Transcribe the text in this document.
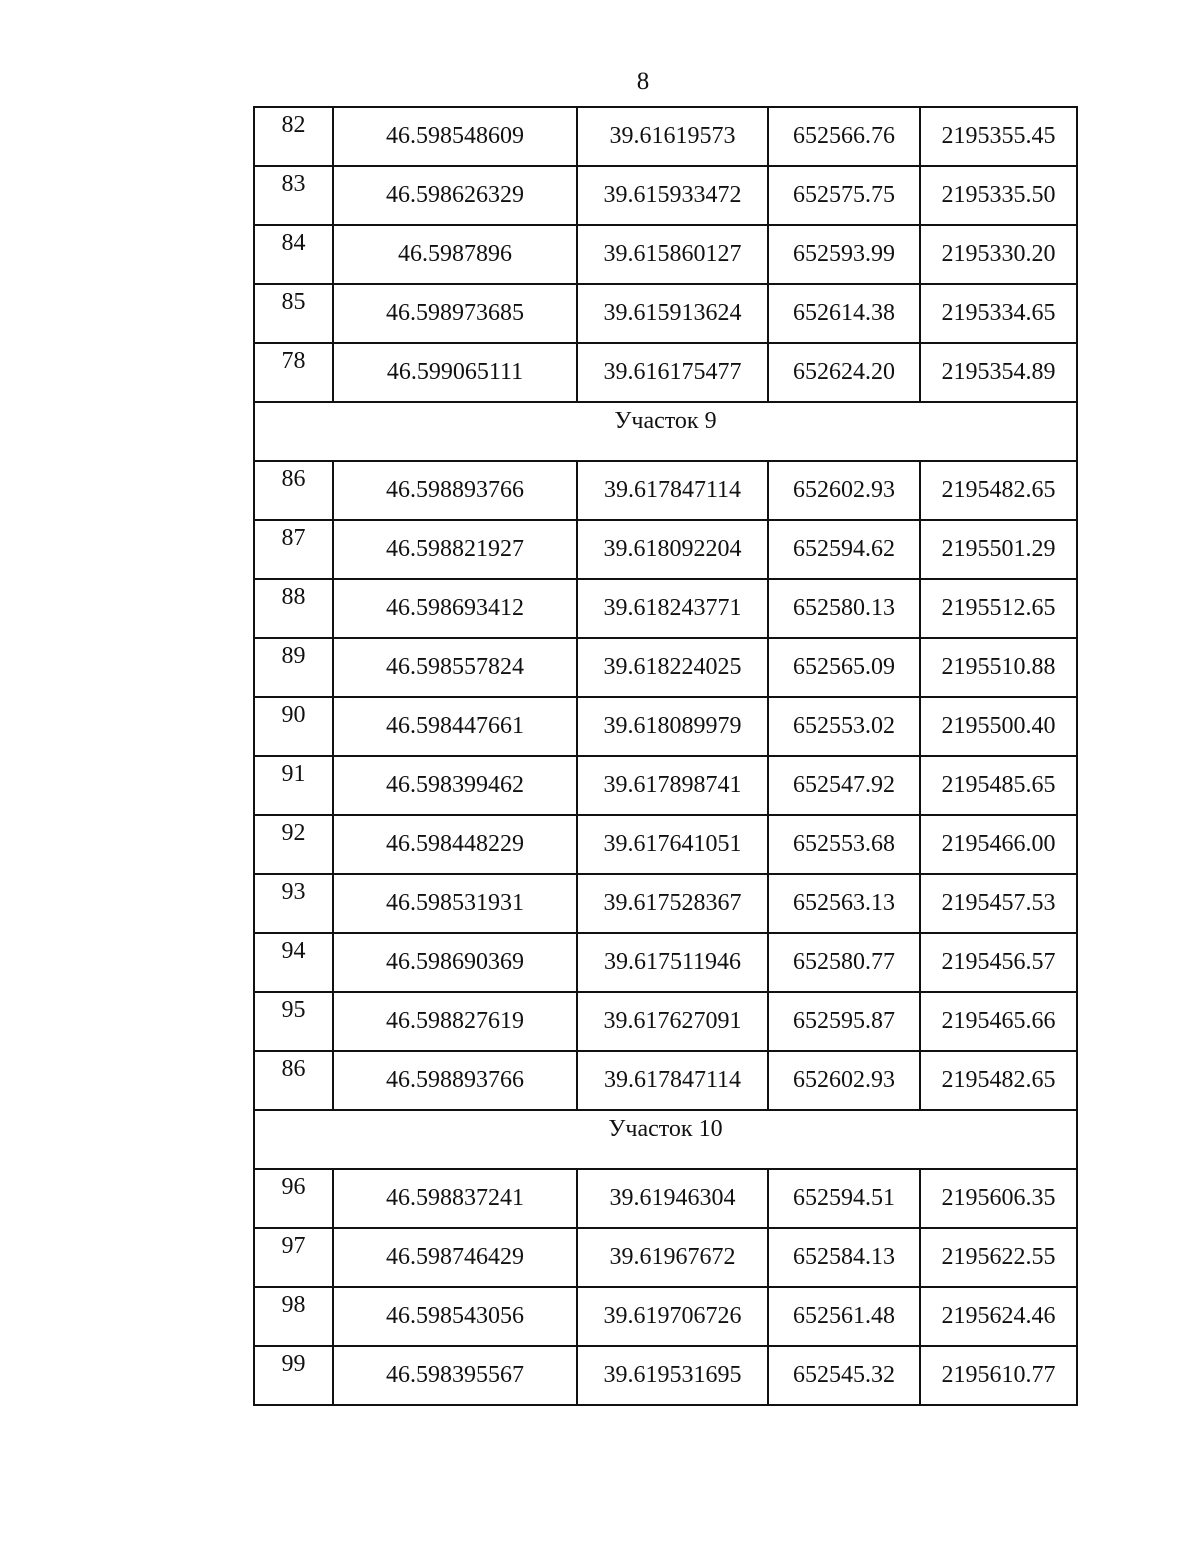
8
82	46.598548609	39.61619573	652566.76	2195355.45
83	46.598626329	39.615933472	652575.75	2195335.50
84	46.5987896	39.615860127	652593.99	2195330.20
85	46.598973685	39.615913624	652614.38	2195334.65
78	46.599065111	39.616175477	652624.20	2195354.89
Участок 9				
86	46.598893766	39.617847114	652602.93	2195482.65
87	46.598821927	39.618092204	652594.62	2195501.29
88	46.598693412	39.618243771	652580.13	2195512.65
89	46.598557824	39.618224025	652565.09	2195510.88
90	46.598447661	39.618089979	652553.02	2195500.40
91	46.598399462	39.617898741	652547.92	2195485.65
92	46.598448229	39.617641051	652553.68	2195466.00
93	46.598531931	39.617528367	652563.13	2195457.53
94	46.598690369	39.617511946	652580.77	2195456.57
95	46.598827619	39.617627091	652595.87	2195465.66
86	46.598893766	39.617847114	652602.93	2195482.65
Участок 10				
96	46.598837241	39.61946304	652594.51	2195606.35
97	46.598746429	39.61967672	652584.13	2195622.55
98	46.598543056	39.619706726	652561.48	2195624.46
99	46.598395567	39.619531695	652545.32	2195610.77
